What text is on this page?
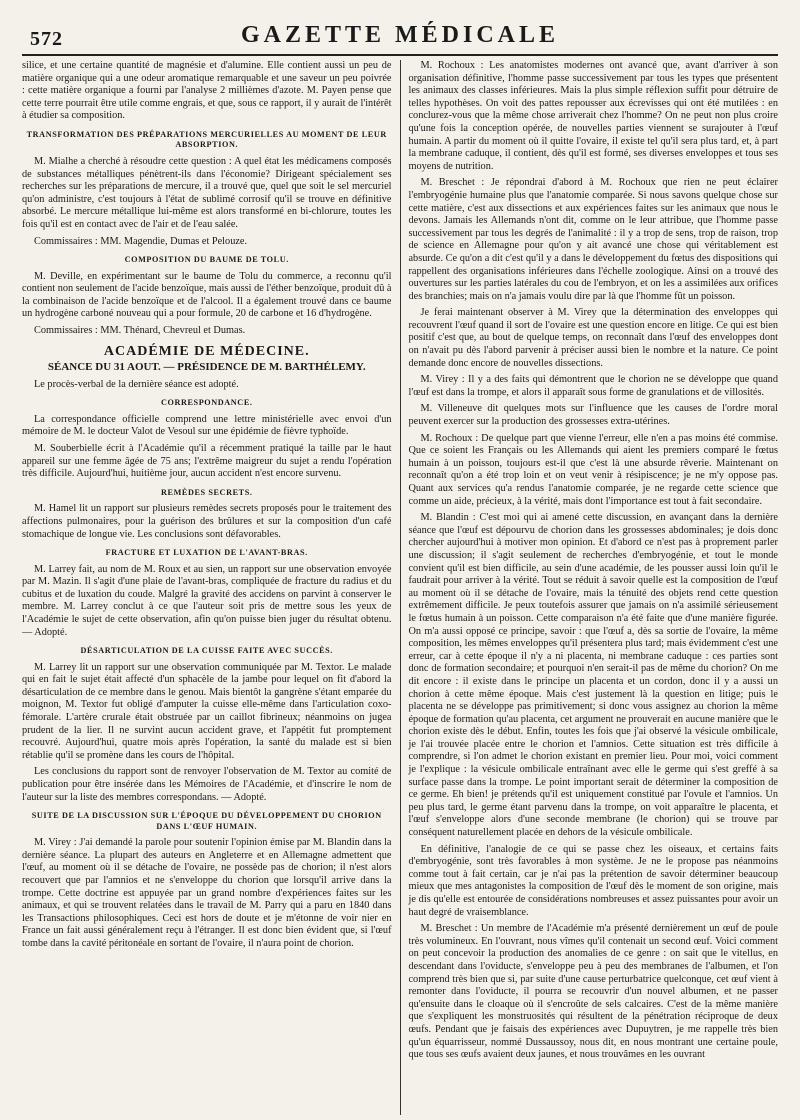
572	GAZETTE MÉDICALE

silice, et une certaine quantité de magnésie et d'alumine. Elle contient aussi un peu de matière organique qui a une odeur aromatique remarquable et une saveur un peu poivrée : cette matière organique a fourni par l'analyse 2 millièmes d'azote. M. Payen pense que cette terre pourrait être utile comme engrais, et que, sous ce rapport, il y aurait de l'intérêt à étudier sa composition.

TRANSFORMATION DES PRÉPARATIONS MERCURIELLES AU MOMENT DE LEUR ABSORPTION.

M. Mialhe a cherché à résoudre cette question : A quel état les médicamens composés de substances métalliques pénètrent-ils dans l'économie? Dirigeant spécialement ses recherches sur les préparations de mercure, il a trouvé que, quel que soit le sel mercuriel qu'on administre, c'est toujours à l'état de sublimé corrosif qu'il se trouve en définitive absorbé. Le mercure métallique lui-même est alors transformé en bi-chlorure, toutes les fois qu'il est en contact avec de l'air et de l'eau salée.

Commissaires : MM. Magendie, Dumas et Pelouze.

COMPOSITION DU BAUME DE TOLU.

M. Deville, en expérimentant sur le baume de Tolu du commerce, a reconnu qu'il contient non seulement de l'acide benzoïque, mais aussi de l'éther benzoïque, produit dû à la combinaison de l'acide benzoïque et de l'alcool. Il a également trouvé dans ce baume un hydrogène carboné nouveau qui a pour formule, 20 de carbone et 16 d'hydrogène.

Commissaires : MM. Thénard, Chevreul et Dumas.

ACADÉMIE DE MÉDECINE.
SÉANCE DU 31 AOUT. — PRÉSIDENCE DE M. BARTHÉLEMY.

Le procès-verbal de la dernière séance est adopté.

CORRESPONDANCE.

La correspondance officielle comprend une lettre ministérielle avec envoi d'un mémoire de M. le docteur Valot de Vesoul sur une épidémie de fièvre typhoïde.

M. Souberbielle écrit à l'Académie qu'il a récemment pratiqué la taille par le haut appareil sur une femme âgée de 75 ans; l'extrême maigreur du sujet a rendu l'opération très difficile. Aujourd'hui, huitième jour, aucun accident n'est encore survenu.

REMÈDES SECRETS.

M. Hamel lit un rapport sur plusieurs remèdes secrets proposés pour le traitement des affections pulmonaires, pour la guérison des brûlures et sur la composition d'un café stomachique de longue vie. Les conclusions sont défavorables.

FRACTURE ET LUXATION DE L'AVANT-BRAS.

M. Larrey fait, au nom de M. Roux et au sien, un rapport sur une observation envoyée par M. Mazin. Il s'agit d'une plaie de l'avant-bras, compliquée de fracture du radius et du cubitus et de luxation du coude. Malgré la gravité des accidens on parvint à conserver le membre. M. Larrey conclut à ce que l'auteur soit pris de mettre sous les yeux de l'Académie le sujet de cette observation, afin qu'on puisse bien juger du résultat obtenu. — Adopté.

DÉSARTICULATION DE LA CUISSE FAITE AVEC SUCCÈS.

M. Larrey lit un rapport sur une observation communiquée par M. Textor. Le malade qui en fait le sujet était affecté d'un sphacèle de la jambe pour lequel on fit d'abord la désarticulation de ce membre dans le genou. Mais bientôt la gangrène s'étant emparée du moignon, M. Textor fut obligé d'amputer la cuisse elle-même dans l'articulation coxo-fémorale. L'artère crurale était obstruée par un caillot fibrineux; néanmoins on jugea prudent de la lier. Il ne survint aucun accident grave, et l'appétit fut promptement recouvré. Aujourd'hui, quatre mois après l'opération, la santé du malade est si bien rétablie qu'il se promène dans les cours de l'hôpital.

Les conclusions du rapport sont de renvoyer l'observation de M. Textor au comité de publication pour être insérée dans les Mémoires de l'Académie, et d'inscrire le nom de l'auteur sur la liste des membres correspondans. — Adopté.

SUITE DE LA DISCUSSION SUR L'ÉPOQUE DU DÉVELOPPEMENT DU CHORION DANS L'ŒUF HUMAIN.

M. Virey : J'ai demandé la parole pour soutenir l'opinion émise par M. Blandin dans la dernière séance. La plupart des auteurs en Angleterre et en Allemagne admettent que l'œuf, au moment où il se détache de l'ovaire, ne possède pas de chorion; il n'est alors recouvert que par l'amnios et ne s'enveloppe du chorion que lorsqu'il arrive dans la trompe. Cette doctrine est appuyée par un grand nombre d'expériences faites sur les animaux, et qui se trouvent relatées dans le travail de M. Parry qui a paru en 1840 dans les Transactions philosophiques. Ceci est hors de doute et je m'étonne de voir nier en France un fait aussi généralement reçu à l'étranger. Il est donc bien évident que, si l'œuf tombe dans la cavité péritonéale en sortant de l'ovaire, il n'aura point de chorion.

M. Rochoux : Les anatomistes modernes ont avancé que, avant d'arriver à son organisation définitive, l'homme passe successivement par tous les types que présentent les animaux des classes inférieures. Mais la plus simple réflexion suffit pour détruire de telles hypothèses. On voit des pattes repousser aux écrevisses qui ont été mutilées : en conclurez-vous que la même chose arriverait chez l'homme? On ne peut non plus croire qu'une fois la conception opérée, de nouvelles parties viennent se surajouter à l'œuf humain. A partir du moment où il quitte l'ovaire, il existe tel qu'il sera plus tard, et, à part la membrane caduque, il contient, dès qu'il est formé, ses diverses enveloppes et tous ses moyens de nutrition.

M. Breschet : Je répondrai d'abord à M. Rochoux que rien ne peut éclairer l'embryogénie humaine plus que l'anatomie comparée. Si nous savons quelque chose sur cette matière, c'est aux dissections et aux expériences faites sur les animaux que nous le devons. Jamais les Allemands n'ont dit, comme on le leur attribue, que l'homme passe successivement par tous les degrés de l'animalité : il y a trop de sens, trop de raison, trop de science en Allemagne pour qu'on y ait avancé une chose qui véritablement est absurde. Ce qu'on a dit c'est qu'il y a dans le développement du fœtus des dispositions qui rappellent des organisations inférieures dans l'échelle zoologique. Ainsi on a trouvé des ouvertures sur les parties latérales du cou de l'embryon, et on les a assimilées aux orifices des branchies; mais on n'a jamais voulu dire par là que l'homme fût un poisson.

Je ferai maintenant observer à M. Virey que la détermination des enveloppes qui recouvrent l'œuf quand il sort de l'ovaire est une question encore en litige. Ce qui est bien positif c'est que, au bout de quelque temps, on reconnaît dans l'œuf des enveloppes dont on n'avait pu dès l'abord parvenir à préciser aussi bien le nombre et la nature. Ce point demande donc encore de nouvelles dissections.

M. Virey : Il y a des faits qui démontrent que le chorion ne se développe que quand l'œuf est dans la trompe, et alors il apparaît sous forme de granulations et de villosités.

M. Villeneuve dit quelques mots sur l'influence que les causes de l'ordre moral peuvent exercer sur la production des grossesses extra-utérines.

M. Rochoux : De quelque part que vienne l'erreur, elle n'en a pas moins été commise. Que ce soient les Français ou les Allemands qui aient les premiers comparé le fœtus humain à un poisson, toujours est-il que c'est là une absurde rêverie. Maintenant on reconnaît qu'on a été trop loin et on veut venir à résipiscence; je ne m'y oppose pas. Quant aux services qu'a rendus l'anatomie comparée, je ne regarde cette science que comme un aide, précieux, à la vérité, mais dont l'importance est tout à fait secondaire.

M. Blandin : C'est moi qui ai amené cette discussion, en avançant dans la dernière séance que l'œuf est dépourvu de chorion dans les grossesses abdominales; je dois donc chercher aujourd'hui à motiver mon opinion. Et d'abord ce n'est pas à proprement parler une discussion; il s'agit seulement de recherches d'embryogénie, et tout le monde convient qu'il est bien difficile, au sein d'une académie, de les pousser aussi loin qu'il le faudrait pour arriver à la vérité. Tout se réduit à savoir quelle est la composition de l'œuf au moment où il se détache de l'ovaire, mais la ténuité des objets rend cette question extrêmement difficile. Je peux toutefois assurer que jamais on n'a assimilé sérieusement le fœtus humain à un poisson. Cette comparaison n'a été faite que d'une manière figurée. On m'a aussi opposé ce principe, savoir : que l'œuf a, dès sa sortie de l'ovaire, la même composition, les mêmes enveloppes qu'il présentera plus tard; mais évidemment c'est une erreur, car à cette époque il n'y a ni placenta, ni membrane caduque : ces parties sont donc de formation secondaire; et pourquoi n'en serait-il pas de même du chorion? On me dit encore : il existe dans le principe un placenta et un cordon, donc il y a aussi un chorion à cette même époque. Mais c'est justement là la question en litige; puis le placenta ne se développe pas primitivement; si donc vous assignez au chorion la même époque de formation qu'au placenta, cet argument ne prouverait en aucune manière que le chorion existe dès le début. Enfin, toutes les fois que j'ai observé la vésicule ombilicale, je l'ai trouvée placée entre le chorion et l'amnios. Cette situation est très difficile à comprendre, si l'on admet le chorion existant en premier lieu. Pour moi, voici comment je l'explique : la vésicule ombilicale entraînant avec elle le germe qui s'est greffé à sa surface passe dans la trompe. Le point important serait de déterminer la composition de ce germe. Eh bien! je prétends qu'il est uniquement constitué par l'ovule et l'amnios. Un peu plus tard, le germe étant parvenu dans la trompe, on voit apparaître le placenta, et l'œuf s'enveloppe alors d'une seconde membrane (le chorion) qui se trouve par conséquent naturellement placée en dehors de la vésicule ombilicale.

En définitive, l'analogie de ce qui se passe chez les oiseaux, et certains faits d'embryogénie, sont très favorables à mon système. Je ne le propose pas néanmoins comme tout à fait certain, car je n'ai pas la prétention de savoir déterminer beaucoup mieux que mes antagonistes la composition de l'œuf dès le moment de son origine, mais je dis qu'elle est entourée de considérations nombreuses et assez puissantes pour avoir un haut degré de vraisemblance.

M. Breschet : Un membre de l'Académie m'a présenté dernièrement un œuf de poule très volumineux. En l'ouvrant, nous vîmes qu'il contenait un second œuf. Voici comment on peut concevoir la production des anomalies de ce genre : on sait que le vitellus, en descendant dans l'oviducte, s'enveloppe peu à peu des membranes de l'albumen, et l'on comprend très bien que si, par suite d'une cause perturbatrice quelconque, cet œuf vient à remonter dans l'oviducte, il pourra se recouvrir d'un nouvel albumen, et ne passer qu'ensuite dans le cloaque où il s'encroûte de sels calcaires. C'est de la même manière que s'expliquent les monstruosités qui résultent de la pénétration réciproque de deux œufs. Pendant que je faisais des expériences avec Dupuytren, je me rappelle très bien qu'un équarrisseur, nommé Dussaussoy, nous dit, en nous montrant une certaine poule, que tous ses œufs avaient deux jaunes, et nous trouvâmes en les ouvrant
